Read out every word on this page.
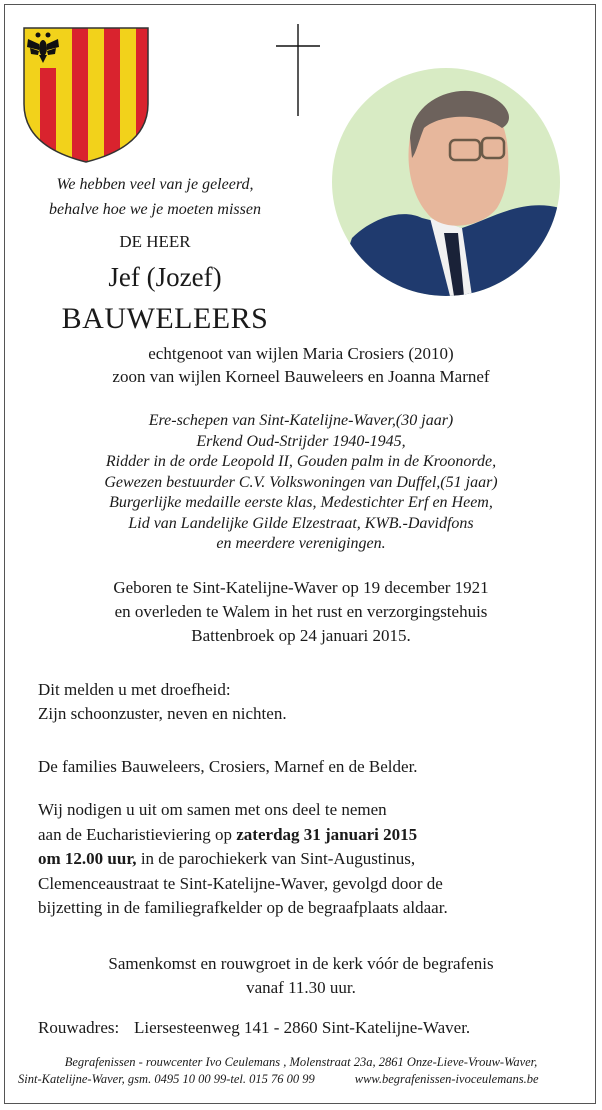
We hebben veel van je geleerd,
behalve hoe we je moeten missen
DE HEER
Jef (Jozef)
BAUWELEERS
echtgenoot van wijlen Maria Crosiers (2010)
zoon van wijlen Korneel Bauweleers en Joanna Marnef
Ere-schepen van Sint-Katelijne-Waver,(30 jaar)
Erkend Oud-Strijder 1940-1945,
Ridder in de orde Leopold II, Gouden palm in de Kroonorde,
Gewezen bestuurder C.V. Volkswoningen van Duffel,(51 jaar)
Burgerlijke medaille eerste klas, Medestichter Erf en Heem,
Lid van Landelijke Gilde Elzestraat, KWB.-Davidfons
en meerdere verenigingen.
Geboren te Sint-Katelijne-Waver op 19 december 1921
en overleden te Walem in het rust en verzorgingstehuis
Battenbroek op 24 januari 2015.
Dit melden u met droefheid:
Zijn schoonzuster, neven en nichten.
De families Bauweleers, Crosiers, Marnef en de Belder.
Wij nodigen u uit om samen met ons deel te nemen
aan de Eucharistieviering op zaterdag 31 januari 2015
om 12.00 uur, in de parochiekerk van Sint-Augustinus,
Clemenceaustraat te Sint-Katelijne-Waver, gevolgd door de
bijzetting in de familiegrafkelder op de begraafplaats aldaar.
Samenkomst en rouwgroet in de kerk vóór de begrafenis
vanaf 11.30 uur.
Rouwadres: Liersesteenweg 141 - 2860 Sint-Katelijne-Waver.
Begrafenissen - rouwcenter Ivo Ceulemans , Molenstraat 23a, 2861 Onze-Lieve-Vrouw-Waver,
Sint-Katelijne-Waver, gsm. 0495 10 00 99-tel. 015 76 00 99	www.begrafenissen-ivoceulemans.be
